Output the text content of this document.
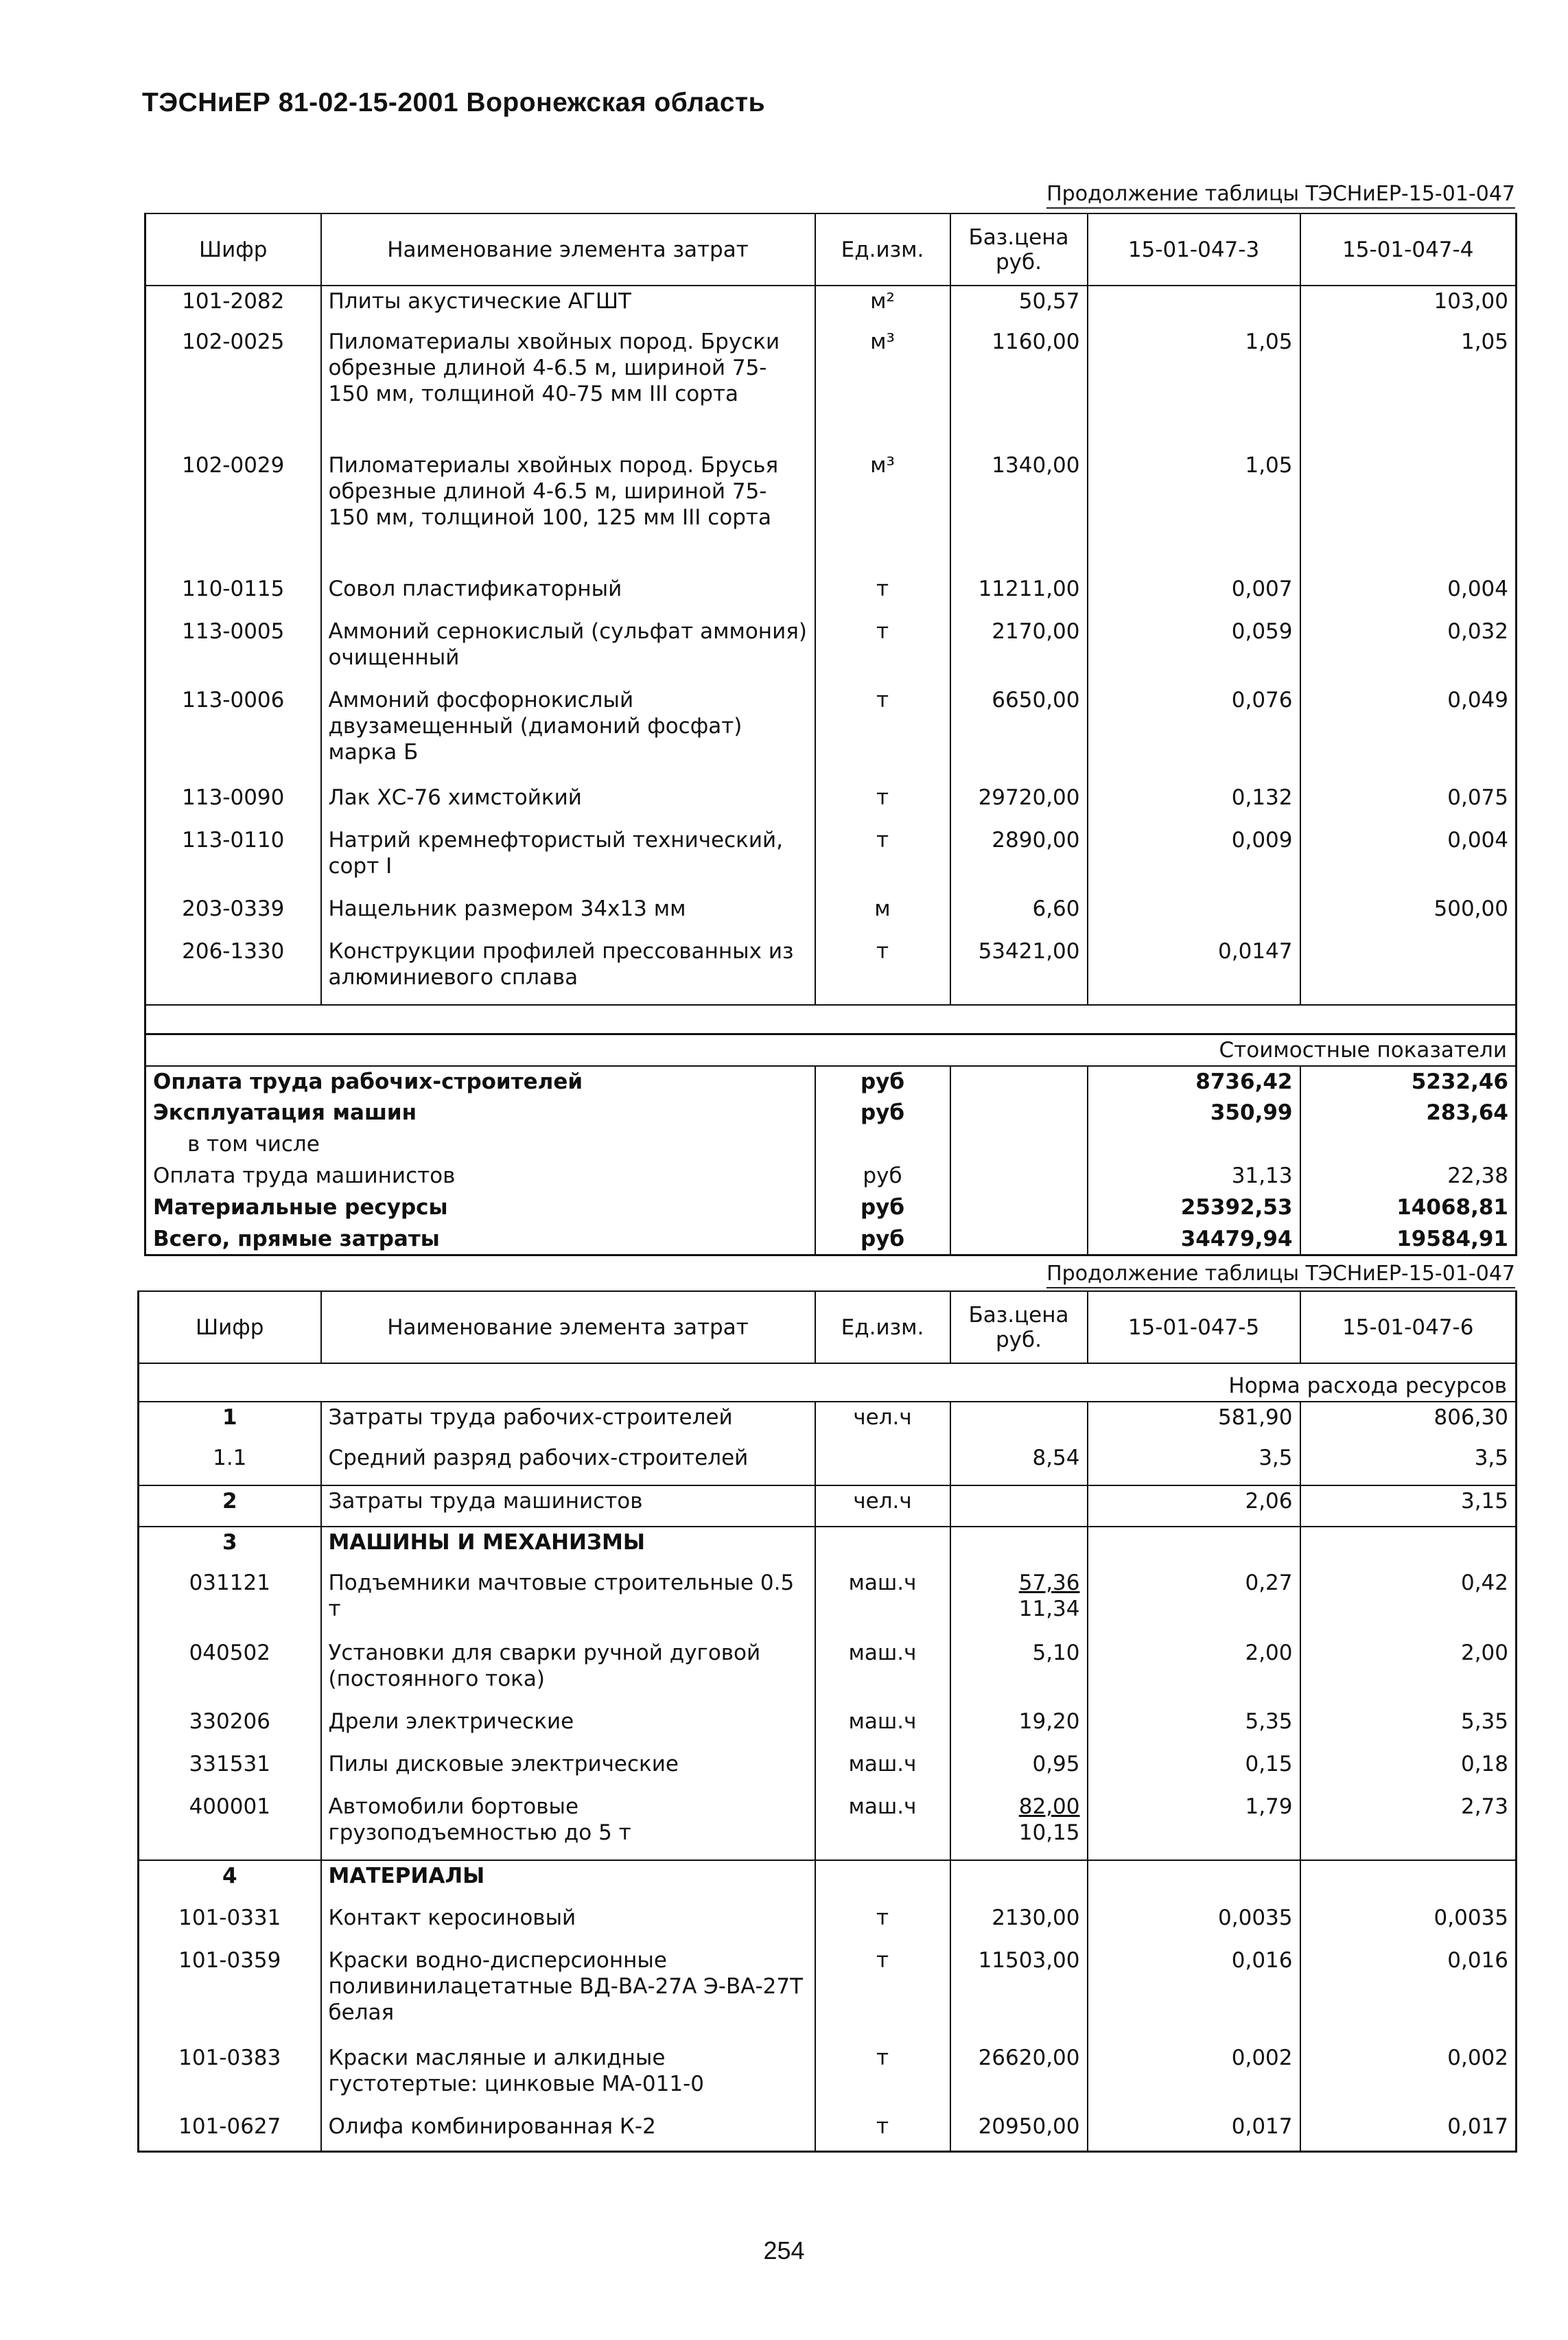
ТЭСНиЕР 81-02-15-2001 Воронежская область
Продолжение таблицы ТЭСНиЕР-15-01-047
Шифр	Наименование элемента затрат	Ед.изм.	Баз.цена руб.	15-01-047-3	15-01-047-4
101-2082	Плиты акустические АГШТ	м²	50,57		103,00
102-0025	Пиломатериалы хвойных пород. Бруски обрезные длиной 4-6.5 м, шириной 75-150 мм, толщиной 40-75 мм III сорта	м³	1160,00	1,05	1,05
102-0029	Пиломатериалы хвойных пород. Брусья обрезные длиной 4-6.5 м, шириной 75-150 мм, толщиной 100, 125 мм III сорта	м³	1340,00	1,05	
110-0115	Совол пластификаторный	т	11211,00	0,007	0,004
113-0005	Аммоний сернокислый (сульфат аммония) очищенный	т	2170,00	0,059	0,032
113-0006	Аммоний фосфорнокислый двузамещенный (диамоний фосфат) марка Б	т	6650,00	0,076	0,049
113-0090	Лак ХС-76 химстойкий	т	29720,00	0,132	0,075
113-0110	Натрий кремнефтористый технический, сорт I	т	2890,00	0,009	0,004
203-0339	Нащельник размером 34х13 мм	м	6,60		500,00
206-1330	Конструкции профилей прессованных из алюминиевого сплава	т	53421,00	0,0147	

Стоимостные показатели					
Оплата труда рабочих-строителей		руб		8736,42	5232,46
Эксплуатация машин		руб		350,99	283,64
в том числе					
Оплата труда машинистов		руб		31,13	22,38
Материальные ресурсы		руб		25392,53	14068,81
Всего, прямые затраты		руб		34479,94	19584,91
Продолжение таблицы ТЭСНиЕР-15-01-047
Шифр	Наименование элемента затрат	Ед.изм.	Баз.цена руб.	15-01-047-5	15-01-047-6
Норма расхода ресурсов					
1	Затраты труда рабочих-строителей	чел.ч		581,90	806,30
1.1	Средний разряд рабочих-строителей		8,54	3,5	3,5
2	Затраты труда машинистов	чел.ч		2,06	3,15
3	МАШИНЫ И МЕХАНИЗМЫ				
031121	Подъемники мачтовые строительные 0.5 т	маш.ч	$\frac{57,36}{11,34}$	0,27	0,42
040502	Установки для сварки ручной дуговой (постоянного тока)	маш.ч	5,10	2,00	2,00
330206	Дрели электрические	маш.ч	19,20	5,35	5,35
331531	Пилы дисковые электрические	маш.ч	0,95	0,15	0,18
400001	Автомобили бортовые грузоподъемностью до 5 т	маш.ч	$\frac{82,00}{10,15}$	1,79	2,73
4	МАТЕРИАЛЫ				
101-0331	Контакт керосиновый	т	2130,00	0,0035	0,0035
101-0359	Краски водно-дисперсионные поливинилацетатные ВД-ВА-27А Э-ВА-27Т белая	т	11503,00	0,016	0,016
101-0383	Краски масляные и алкидные густотертые: цинковые МА-011-0	т	26620,00	0,002	0,002
101-0627	Олифа комбинированная К-2	т	20950,00	0,017	0,017
254
